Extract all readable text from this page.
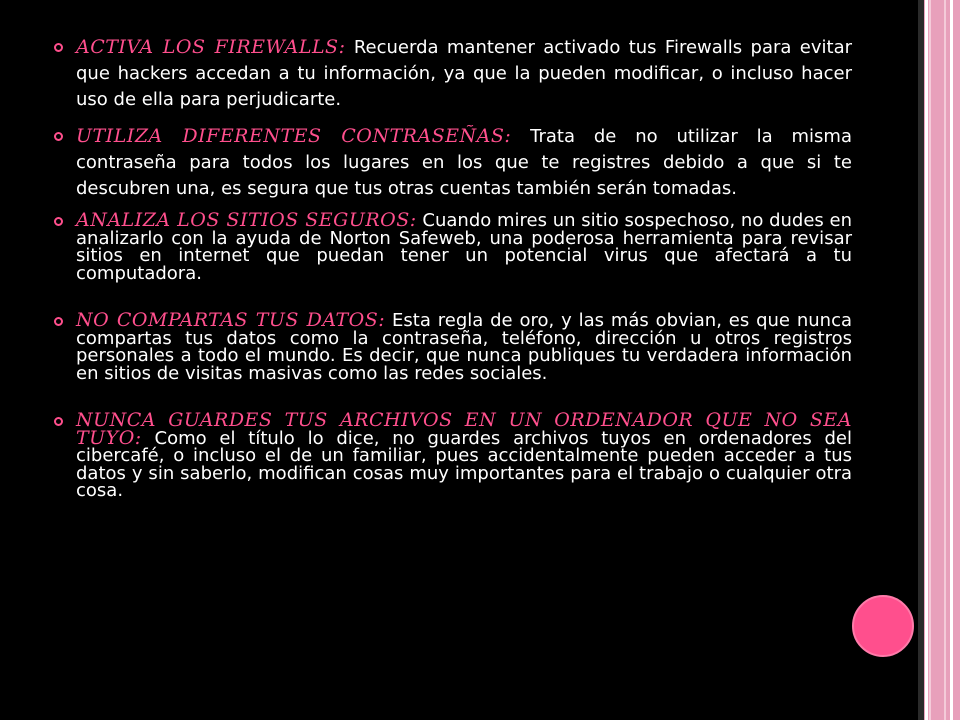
ACTIVA LOS FIREWALLS: Recuerda mantener activado tus Firewalls para evitar que hackers accedan a tu información, ya que la pueden modificar, o incluso hacer uso de ella para perjudicarte.
UTILIZA DIFERENTES CONTRASEÑAS: Trata de no utilizar la misma contraseña para todos los lugares en los que te registres debido a que si te descubren una, es segura que tus otras cuentas también serán tomadas.
ANALIZA LOS SITIOS SEGUROS: Cuando mires un sitio sospechoso, no dudes en analizarlo con la ayuda de Norton Safeweb, una poderosa herramienta para revisar sitios en internet que puedan tener un potencial virus que afectará a tu computadora.
NO COMPARTAS TUS DATOS: Esta regla de oro, y las más obvian, es que nunca compartas tus datos como la contraseña, teléfono, dirección u otros registros personales a todo el mundo. Es decir, que nunca publiques tu verdadera información en sitios de visitas masivas como las redes sociales.
NUNCA GUARDES TUS ARCHIVOS EN UN ORDENADOR QUE NO SEA TUYO: Como el título lo dice, no guardes archivos tuyos en ordenadores del cibercafé, o incluso el de un familiar, pues accidentalmente pueden acceder a tus datos y sin saberlo, modifican cosas muy importantes para el trabajo o cualquier otra cosa.
